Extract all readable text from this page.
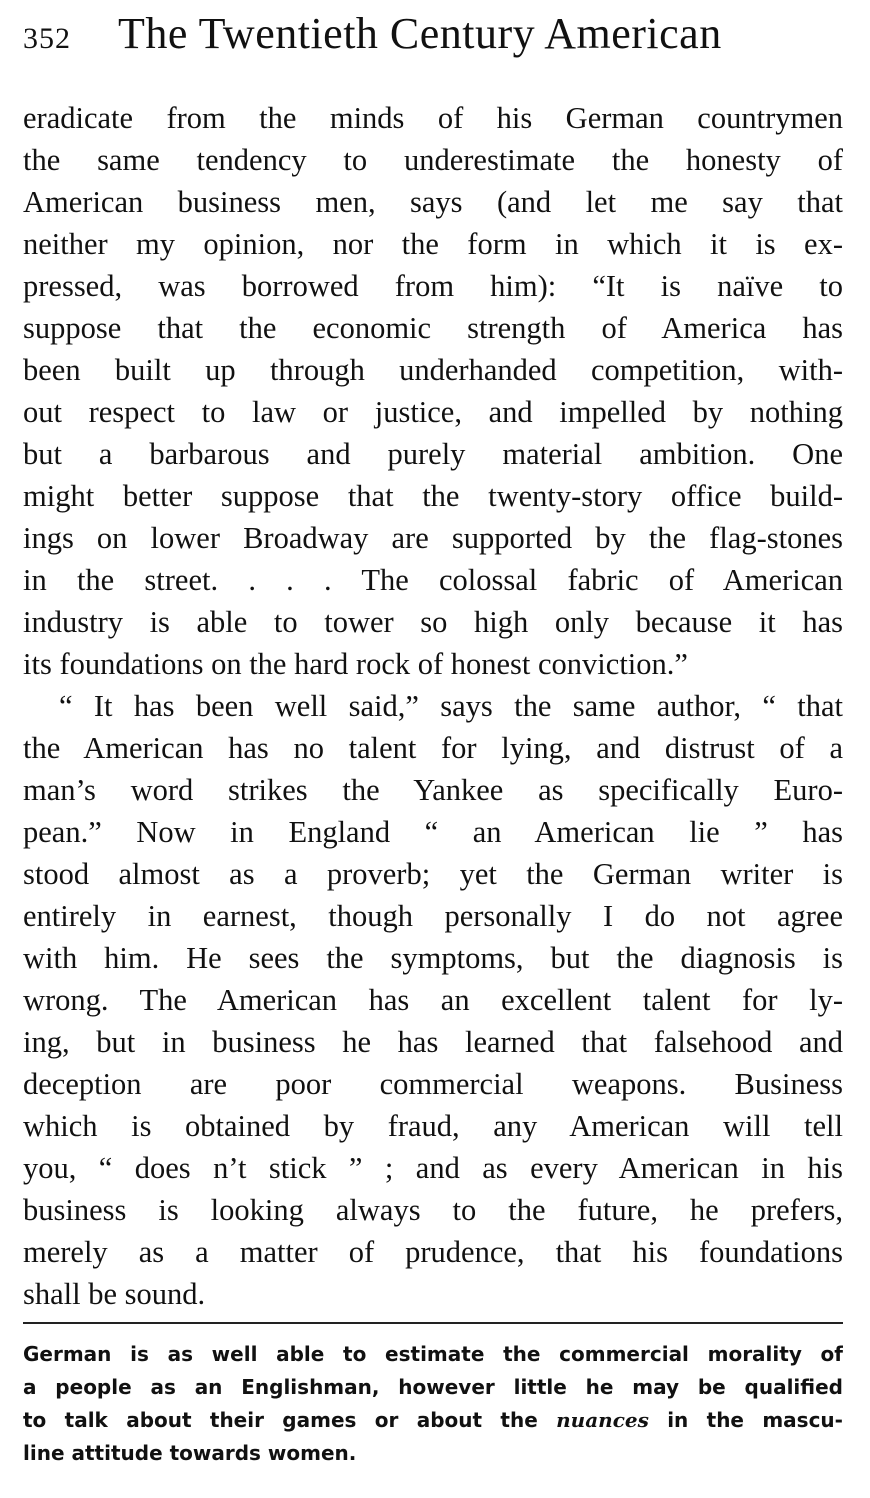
352 The Twentieth Century American
eradicate from the minds of his German countrymen
the same tendency to underestimate the honesty of
American business men, says (and let me say that
neither my opinion, nor the form in which it is ex-
pressed, was borrowed from him): “It is naïve to
suppose that the economic strength of America has
been built up through underhanded competition, with-
out respect to law or justice, and impelled by nothing
but a barbarous and purely material ambition. One
might better suppose that the twenty-story office build-
ings on lower Broadway are supported by the flag-stones
in the street. . . . The colossal fabric of American
industry is able to tower so high only because it has
its foundations on the hard rock of honest conviction.”
“ It has been well said,” says the same author, “ that
the American has no talent for lying, and distrust of a
man’s word strikes the Yankee as specifically Euro-
pean.” Now in England “ an American lie ” has
stood almost as a proverb; yet the German writer is
entirely in earnest, though personally I do not agree
with him. He sees the symptoms, but the diagnosis is
wrong. The American has an excellent talent for ly-
ing, but in business he has learned that falsehood and
deception are poor commercial weapons. Business
which is obtained by fraud, any American will tell
you, “ does n’t stick ” ; and as every American in his
business is looking always to the future, he prefers,
merely as a matter of prudence, that his foundations
shall be sound.
German is as well able to estimate the commercial morality of
a people as an Englishman, however little he may be qualified
to talk about their games or about the nuances in the mascu-
line attitude towards women.
